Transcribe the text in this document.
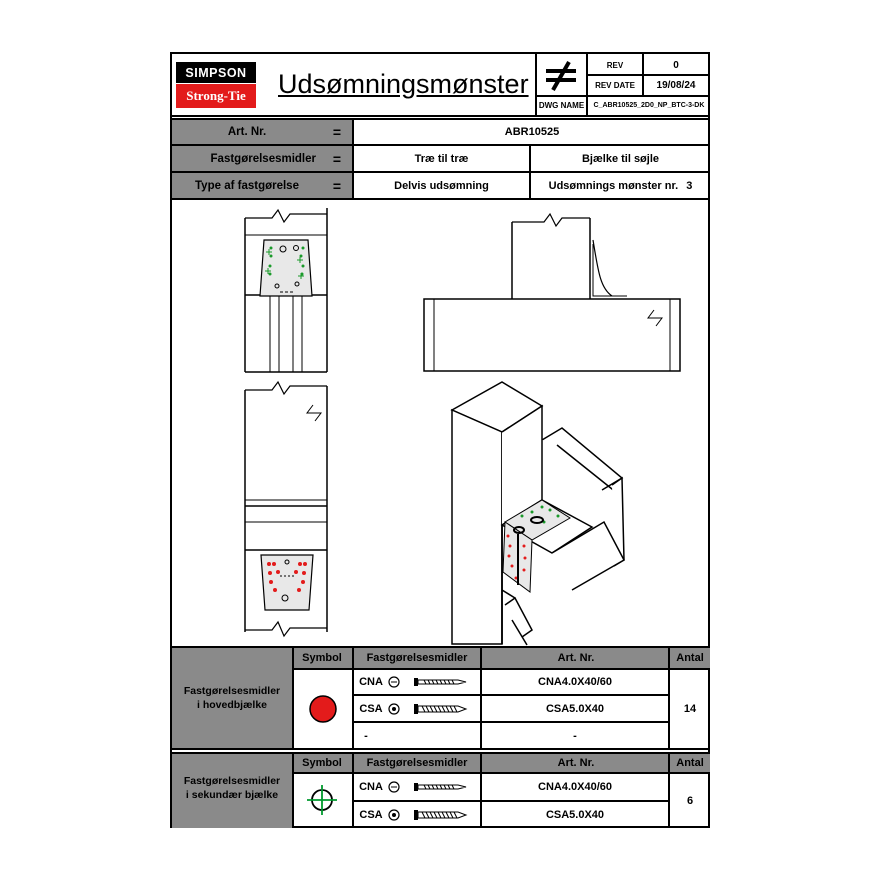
SIMPSON
Strong-Tie	Udsømningsmønster
REV	0
REV DATE	19/08/24
DWG NAME	C_ABR10525_2D0_NP_BTC-3-DK
Art. Nr.	=	ABR10525
Fastgørelsesmidler	=	Træ til træ	Bjælke til søjle
Type af fastgørelse	=	Delvis udsømning	Udsømnings mønster nr. 3
Fastgørelsesmidler
i hovedbjælke
Symbol	Fastgørelsesmidler	Art. Nr.	Antal
CNA	CNA4.0X40/60
CSA	CSA5.0X40
-	-
14
Fastgørelsesmidler
i sekundær bjælke
Symbol	Fastgørelsesmidler	Art. Nr.	Antal
CNA	CNA4.0X40/60
CSA	CSA5.0X40
6
